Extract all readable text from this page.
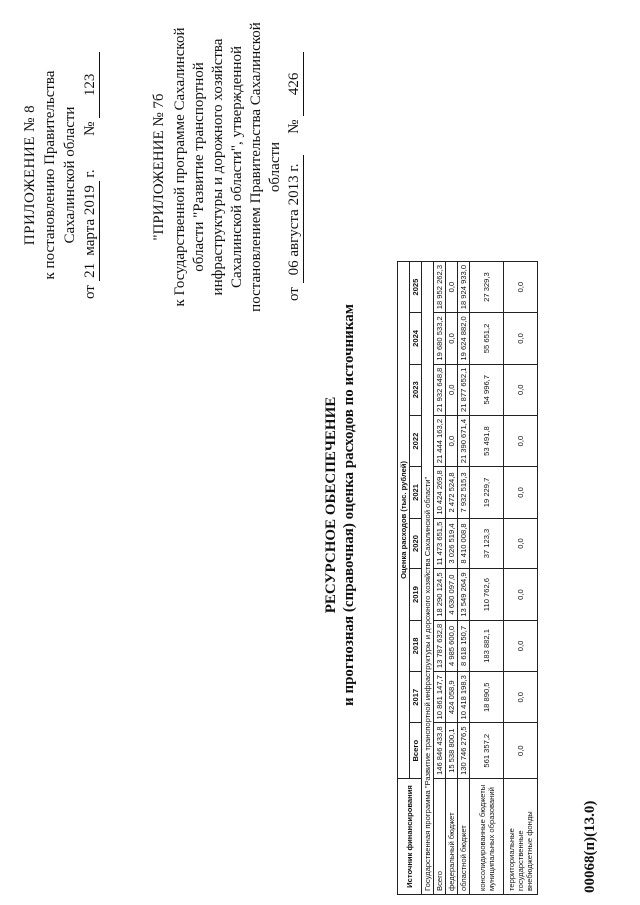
ПРИЛОЖЕНИЕ № 8 к постановлению Правительства Сахалинской области
от 21марта 2019 г.  № 123
"ПРИЛОЖЕНИЕ № 7б к Государственной программе Сахалинской области "Развитие транспортной инфраструктуры и дорожного хозяйства Сахалинской области", утвержденной постановлением Правительства Сахалинской области
от 06 августа 2013 г.  № 426
РЕСУРСНОЕ ОБЕСПЕЧЕНИЕ и прогнозная (справочная) оценка расходов по источникам
Источник финансирования	Оценка расходов (тыс. рублей)									
	Всего	2017	2018	2019	2020	2021	2022	2023	2024	2025
Государственная программа "Развитие транспортной инфраструктуры и дорожного хозяйства Сахалинской области"										
Всего	146 846 433,8	10 861 147,7	13 787 632,8	18 290 124,5	11 473 651,5	10 424 269,8	21 444 163,2	21 932 648,8	19 680 533,2	18 952 262,3
федеральный бюджет	15 538 800,1	424 058,9	4 985 600,0	4 630 097,0	3 026 519,4	2 472 524,8	0,0	0,0	0,0	0,0
областной бюджет	130 746 276,5	10 418 198,3	8 618 150,7	13 549 264,9	8 410 008,8	7 932 515,3	21 390 671,4	21 877 652,1	19 624 882,0	18 924 933,0
консолидированные бюджеты муниципальных образований	561 357,2	18 890,5	183 882,1	110 762,6	37 123,3	19 229,7	53 491,8	54 996,7	55 651,2	27 329,3
территориальные государственные внебюджетные фонды	0,0	0,0	0,0	0,0	0,0	0,0	0,0	0,0	0,0	0,0
00068(п)(13.0)
